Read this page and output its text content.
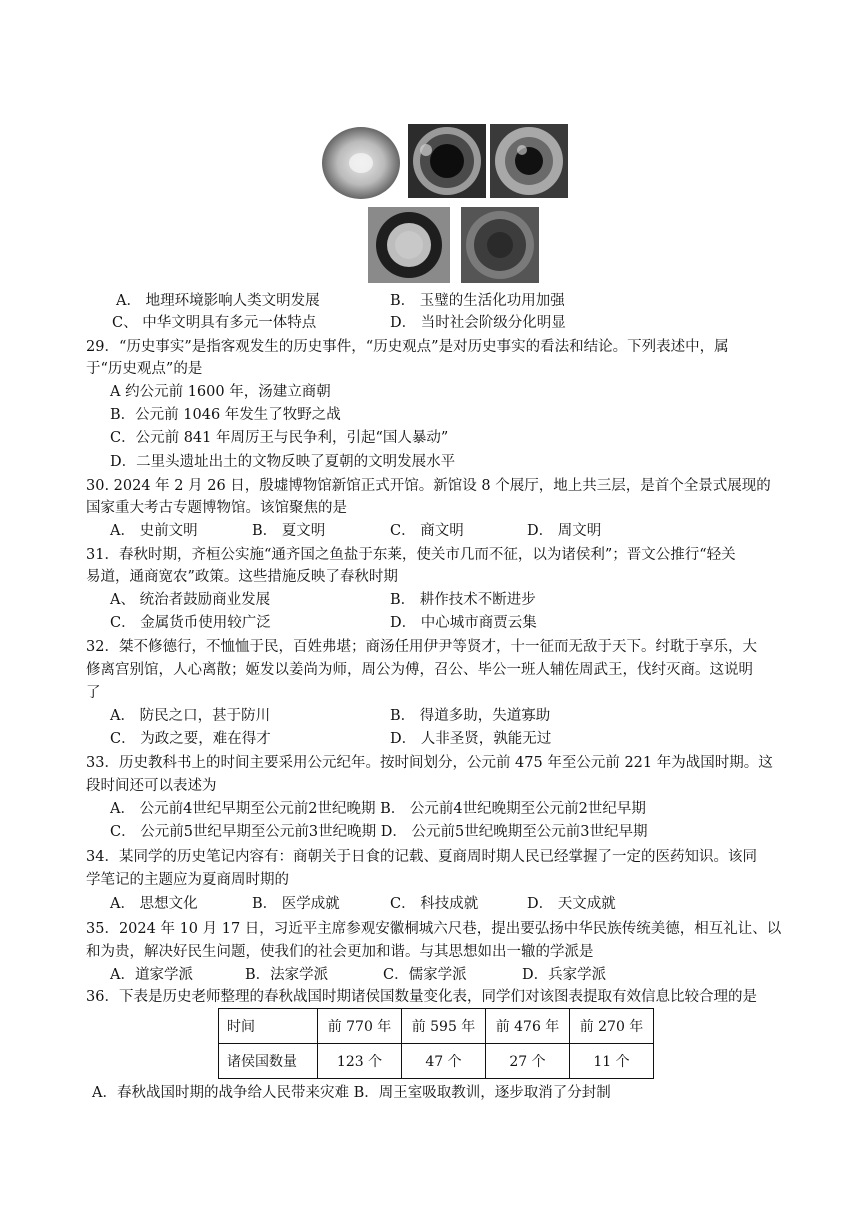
A． 地理环境影响人类文明发展	B． 玉璧的生活化功用加强
C、 中华文明具有多元一体特点	D． 当时社会阶级分化明显
29．“历史事实”是指客观发生的历史事件，“历史观点”是对历史事实的看法和结论。下列表述中，属
于“历史观点”的是
A 约公元前 1600 年，汤建立商朝
B．公元前 1046 年发生了牧野之战
C．公元前 841 年周厉王与民争利，引起“国人暴动”
D．二里头遗址出土的文物反映了夏朝的文明发展水平
30. 2024 年 2 月 26 日，殷墟博物馆新馆正式开馆。新馆设 8 个展厅，地上共三层，是首个全景式展现的
国家重大考古专题博物馆。该馆聚焦的是
A． 史前文明	B． 夏文明	C． 商文明	D． 周文明
31．春秋时期，齐桓公实施“通齐国之鱼盐于东莱，使关市几而不征，以为诸侯利”；晋文公推行“轻关
易道，通商宽农”政策。这些措施反映了春秋时期
A、 统治者鼓励商业发展	B． 耕作技术不断进步
C． 金属货币使用较广泛	D． 中心城市商贾云集
32．桀不修德行，不恤恤于民，百姓弗堪；商汤任用伊尹等贤才，十一征而无敌于天下。纣耽于享乐，大
修离宫别馆，人心离散；姬发以姜尚为师，周公为傅，召公、毕公一班人辅佐周武王，伐纣灭商。这说明
了
A． 防民之口，甚于防川	B． 得道多助，失道寡助
C． 为政之要，难在得才	D． 人非圣贤，孰能无过
33．历史教科书上的时间主要采用公元纪年。按时间划分，公元前 475 年至公元前 221 年为战国时期。这
段时间还可以表述为
A． 公元前4世纪早期至公元前2世纪晚期 B． 公元前4世纪晚期至公元前2世纪早期
C． 公元前5世纪早期至公元前3世纪晚期 D． 公元前5世纪晚期至公元前3世纪早期
34．某同学的历史笔记内容有：商朝关于日食的记载、夏商周时期人民已经掌握了一定的医药知识。该同
学笔记的主题应为夏商周时期的
A． 思想文化	B． 医学成就	C． 科技成就	D． 天文成就
35．2024 年 10 月 17 日，习近平主席参观安徽桐城六尺巷，提出要弘扬中华民族传统美德，相互礼让、以
和为贵，解决好民生问题，使我们的社会更加和谐。与其思想如出一辙的学派是
A．道家学派	B．法家学派	C．儒家学派	D．兵家学派
36．下表是历史老师整理的春秋战国时期诸侯国数量变化表，同学们对该图表提取有效信息比较合理的是
时间	前 770 年	前 595 年	前 476 年	前 270 年
诸侯国数量	123 个	47 个	27 个	11 个
A．春秋战国时期的战争给人民带来灾难 B．周王室吸取教训，逐步取消了分封制
